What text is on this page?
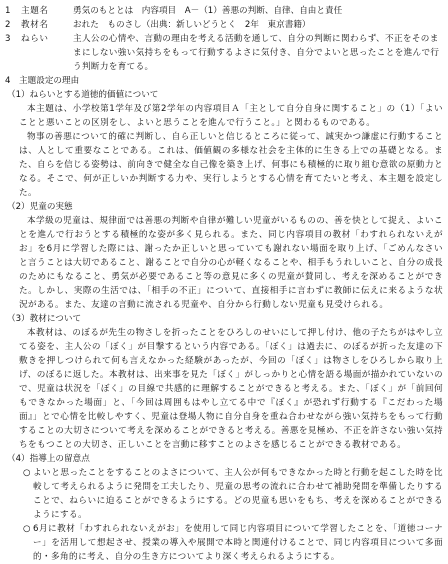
1	主題名	勇気のもととは　内容項目　A－（1）善悪の判断、自律、自由と責任
2	教材名	おれた　ものさし（出典：新しいどうとく　2年　東京書籍）
3	ねらい	主人公の心情や、言動の理由を考える活動を通して、自分の判断に関わらず、不正をそのままにしない強い気持ちをもって行動するよさに気付き、自分でよいと思ったことを進んで行う判断力を育てる。
4　主題設定の理由
（1）ねらいとする道徳的価値について
本主題は、小学校第1学年及び第2学年の内容項目Ａ「主として自分自身に関すること」の（1）「よいことと悪いことの区別をし、よいと思うことを進んで行うこと。」と関わるものである。
物事の善悪について的確に判断し、自ら正しいと信じるところに従って、誠実かつ謙虚に行動することは、人として重要なことである。これは、価値観の多様な社会を主体的に生きる上での基礎となる。また、自らを信じる姿勢は、前向きで健全な自己像を築き上げ、何事にも積極的に取り組む意欲の原動力となる。そこで、何が正しいか判断する力や、実行しようとする心情を育てたいと考え、本主題を設定した。
（2）児童の実態
本学級の児童は、規律面では善悪の判断や自律が難しい児童がいるものの、善を快として捉え、よいことを進んで行おうとする積極的な姿が多く見られる。また、同じ内容項目の教材「わすれられないえがお」を6月に学習した際には、謝ったか正しいと思っていても謝れない場面を取り上げ、「ごめんなさいと言うことは大切であること、謝ることで自分の心が軽くなることや、相手もうれしいこと、自分の成長のためにもなること、勇気が必要であること等の意見に多くの児童が賛同し、考えを深めることができた。しかし、実際の生活では、「相手の不正」について、直接相手に言わずに教師に伝えに来るような状況がある。また、友達の言動に流される児童や、自分から行動しない児童も見受けられる。
（3）教材について
本教材は、のぼるが先生の物さしを折ったことをひろしのせいにして押し付け、他の子たちがはやし立てる姿を、主人公の「ぼく」が目撃するという内容である。「ぼく」は過去に、のぼるが折った友達の下敷きを押しつけられて何も言えなかった経験があったが、今回の「ぼく」は物さしをひろしから取り上げ、のぼるに返した。本教材は、出来事を見た「ぼく」がしっかりと心情を語る場面が描かれていないので、児童は状況を「ぼく」の目線で共感的に理解することができると考える。また、「ぼく」が「前回何もできなかった場面」と、「今回は周囲もはやし立てる中で『ぼく』が恐れず行動する『こだわった場面』」とで心情を比較しやすく、児童は登場人物に自分自身を重ね合わせながら強い気持ちをもって行動することの大切さについて考えを深めることができると考える。善悪を見極め、不正を許さない強い気持ちをもつことの大切さ、正しいことを言動に移すことのよさを感じることができる教材である。
（4）指導上の留意点
○ よいと思ったことをすることのよさについて、主人公が何もできなかった時と行動を起こした時を比較して考えられるように発問を工夫したり、児童の思考の流れに合わせて補助発問を準備したりすることで、ねらいに迫ることができるようにする。どの児童も思いをもち、考えを深めることができるようにする。
○ 6月に教材「わすれられないえがお」を使用して同じ内容項目について学習したことを、「道徳コーナー」を活用して想起させ、授業の導入や展開で本時と関連付けることで、同じ内容項目について多面的・多角的に考え、自分の生き方についてより深く考えられるようにする。
